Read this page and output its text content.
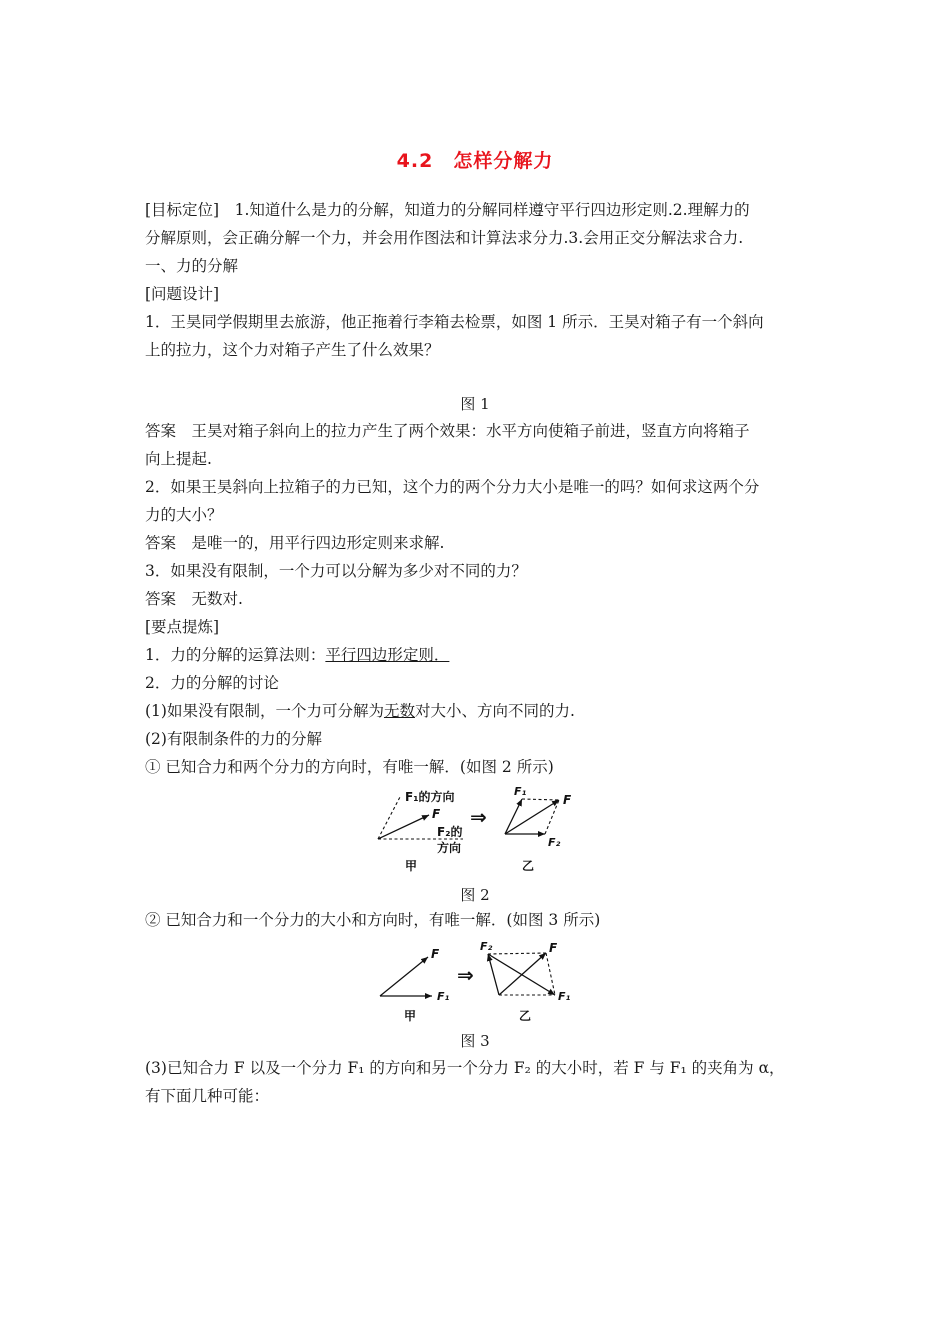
4.2　怎样分解力
[目标定位]　1.知道什么是力的分解，知道力的分解同样遵守平行四边形定则.2.理解力的
分解原则，会正确分解一个力，并会用作图法和计算法求分力.3.会用正交分解法求合力.
一、力的分解
[问题设计]
1．王昊同学假期里去旅游，他正拖着行李箱去检票，如图 1 所示．王昊对箱子有一个斜向
上的拉力，这个力对箱子产生了什么效果？
图 1
答案　王昊对箱子斜向上的拉力产生了两个效果：水平方向使箱子前进，竖直方向将箱子
向上提起.
2．如果王昊斜向上拉箱子的力已知，这个力的两个分力大小是唯一的吗？如何求这两个分
力的大小？
答案　是唯一的，用平行四边形定则来求解.
3．如果没有限制，一个力可以分解为多少对不同的力？
答案　无数对.
[要点提炼]
1．力的分解的运算法则：平行四边形定则．
2．力的分解的讨论
(1)如果没有限制，一个力可分解为无数对大小、方向不同的力.
(2)有限制条件的力的分解
① 已知合力和两个分力的方向时，有唯一解．(如图 2 所示)
F₁的方向
F
F₂的
方向
甲
⇒
F₁
F
F₂
乙
图 2
② 已知合力和一个分力的大小和方向时，有唯一解．(如图 3 所示)
F
F₁
甲
⇒
F₂	F
F₁
乙
图 3
(3)已知合力 F 以及一个分力 F₁ 的方向和另一个分力 F₂ 的大小时，若 F 与 F₁ 的夹角为 α，
有下面几种可能：
